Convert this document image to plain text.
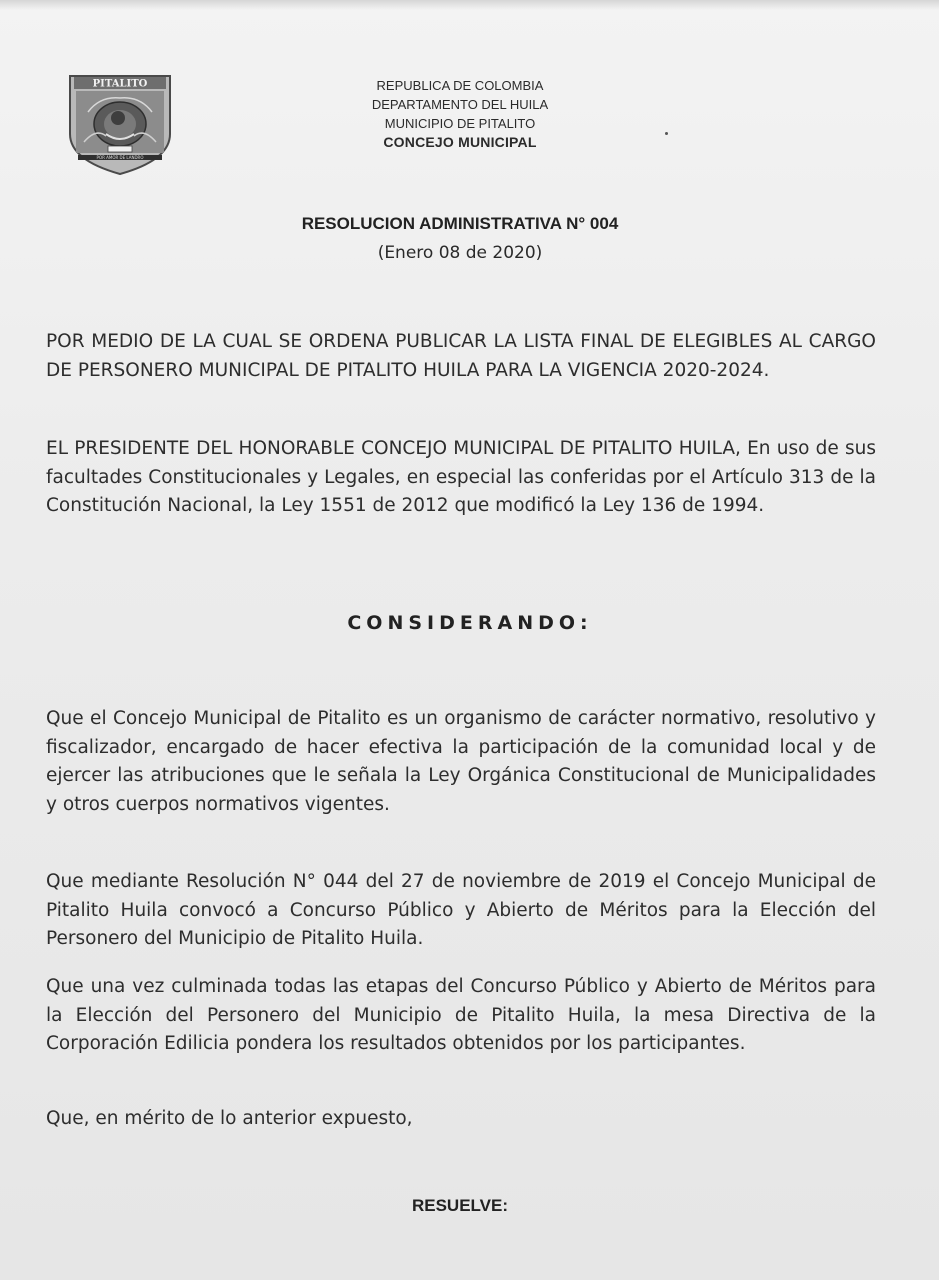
PITALITO
POR AMOR DE LANDRO
REPUBLICA DE COLOMBIA
DEPARTAMENTO DEL HUILA
MUNICIPIO DE PITALITO
CONCEJO MUNICIPAL
RESOLUCION ADMINISTRATIVA N° 004
(Enero 08 de 2020)
POR MEDIO DE LA CUAL SE ORDENA PUBLICAR LA LISTA FINAL DE ELEGIBLES AL CARGO DE PERSONERO MUNICIPAL DE PITALITO HUILA PARA LA VIGENCIA 2020-2024.
EL PRESIDENTE DEL HONORABLE CONCEJO MUNICIPAL DE PITALITO HUILA, En uso de sus facultades Constitucionales y Legales, en especial las conferidas por el Artículo 313 de la Constitución Nacional, la Ley 1551 de 2012 que modificó la Ley 136 de 1994.
CONSIDERANDO:
Que el Concejo Municipal de Pitalito es un organismo de carácter normativo, resolutivo y fiscalizador, encargado de hacer efectiva la participación de la comunidad local y de ejercer las atribuciones que le señala la Ley Orgánica Constitucional de Municipalidades y otros cuerpos normativos vigentes.
Que mediante Resolución N° 044 del 27 de noviembre de 2019 el Concejo Municipal de Pitalito Huila convocó a Concurso Público y Abierto de Méritos para la Elección del Personero del Municipio de Pitalito Huila.
Que una vez culminada todas las etapas del Concurso Público y Abierto de Méritos para la Elección del Personero del Municipio de Pitalito Huila, la mesa Directiva de la Corporación Edilicia pondera los resultados obtenidos por los participantes.
Que, en mérito de lo anterior expuesto,
RESUELVE:
